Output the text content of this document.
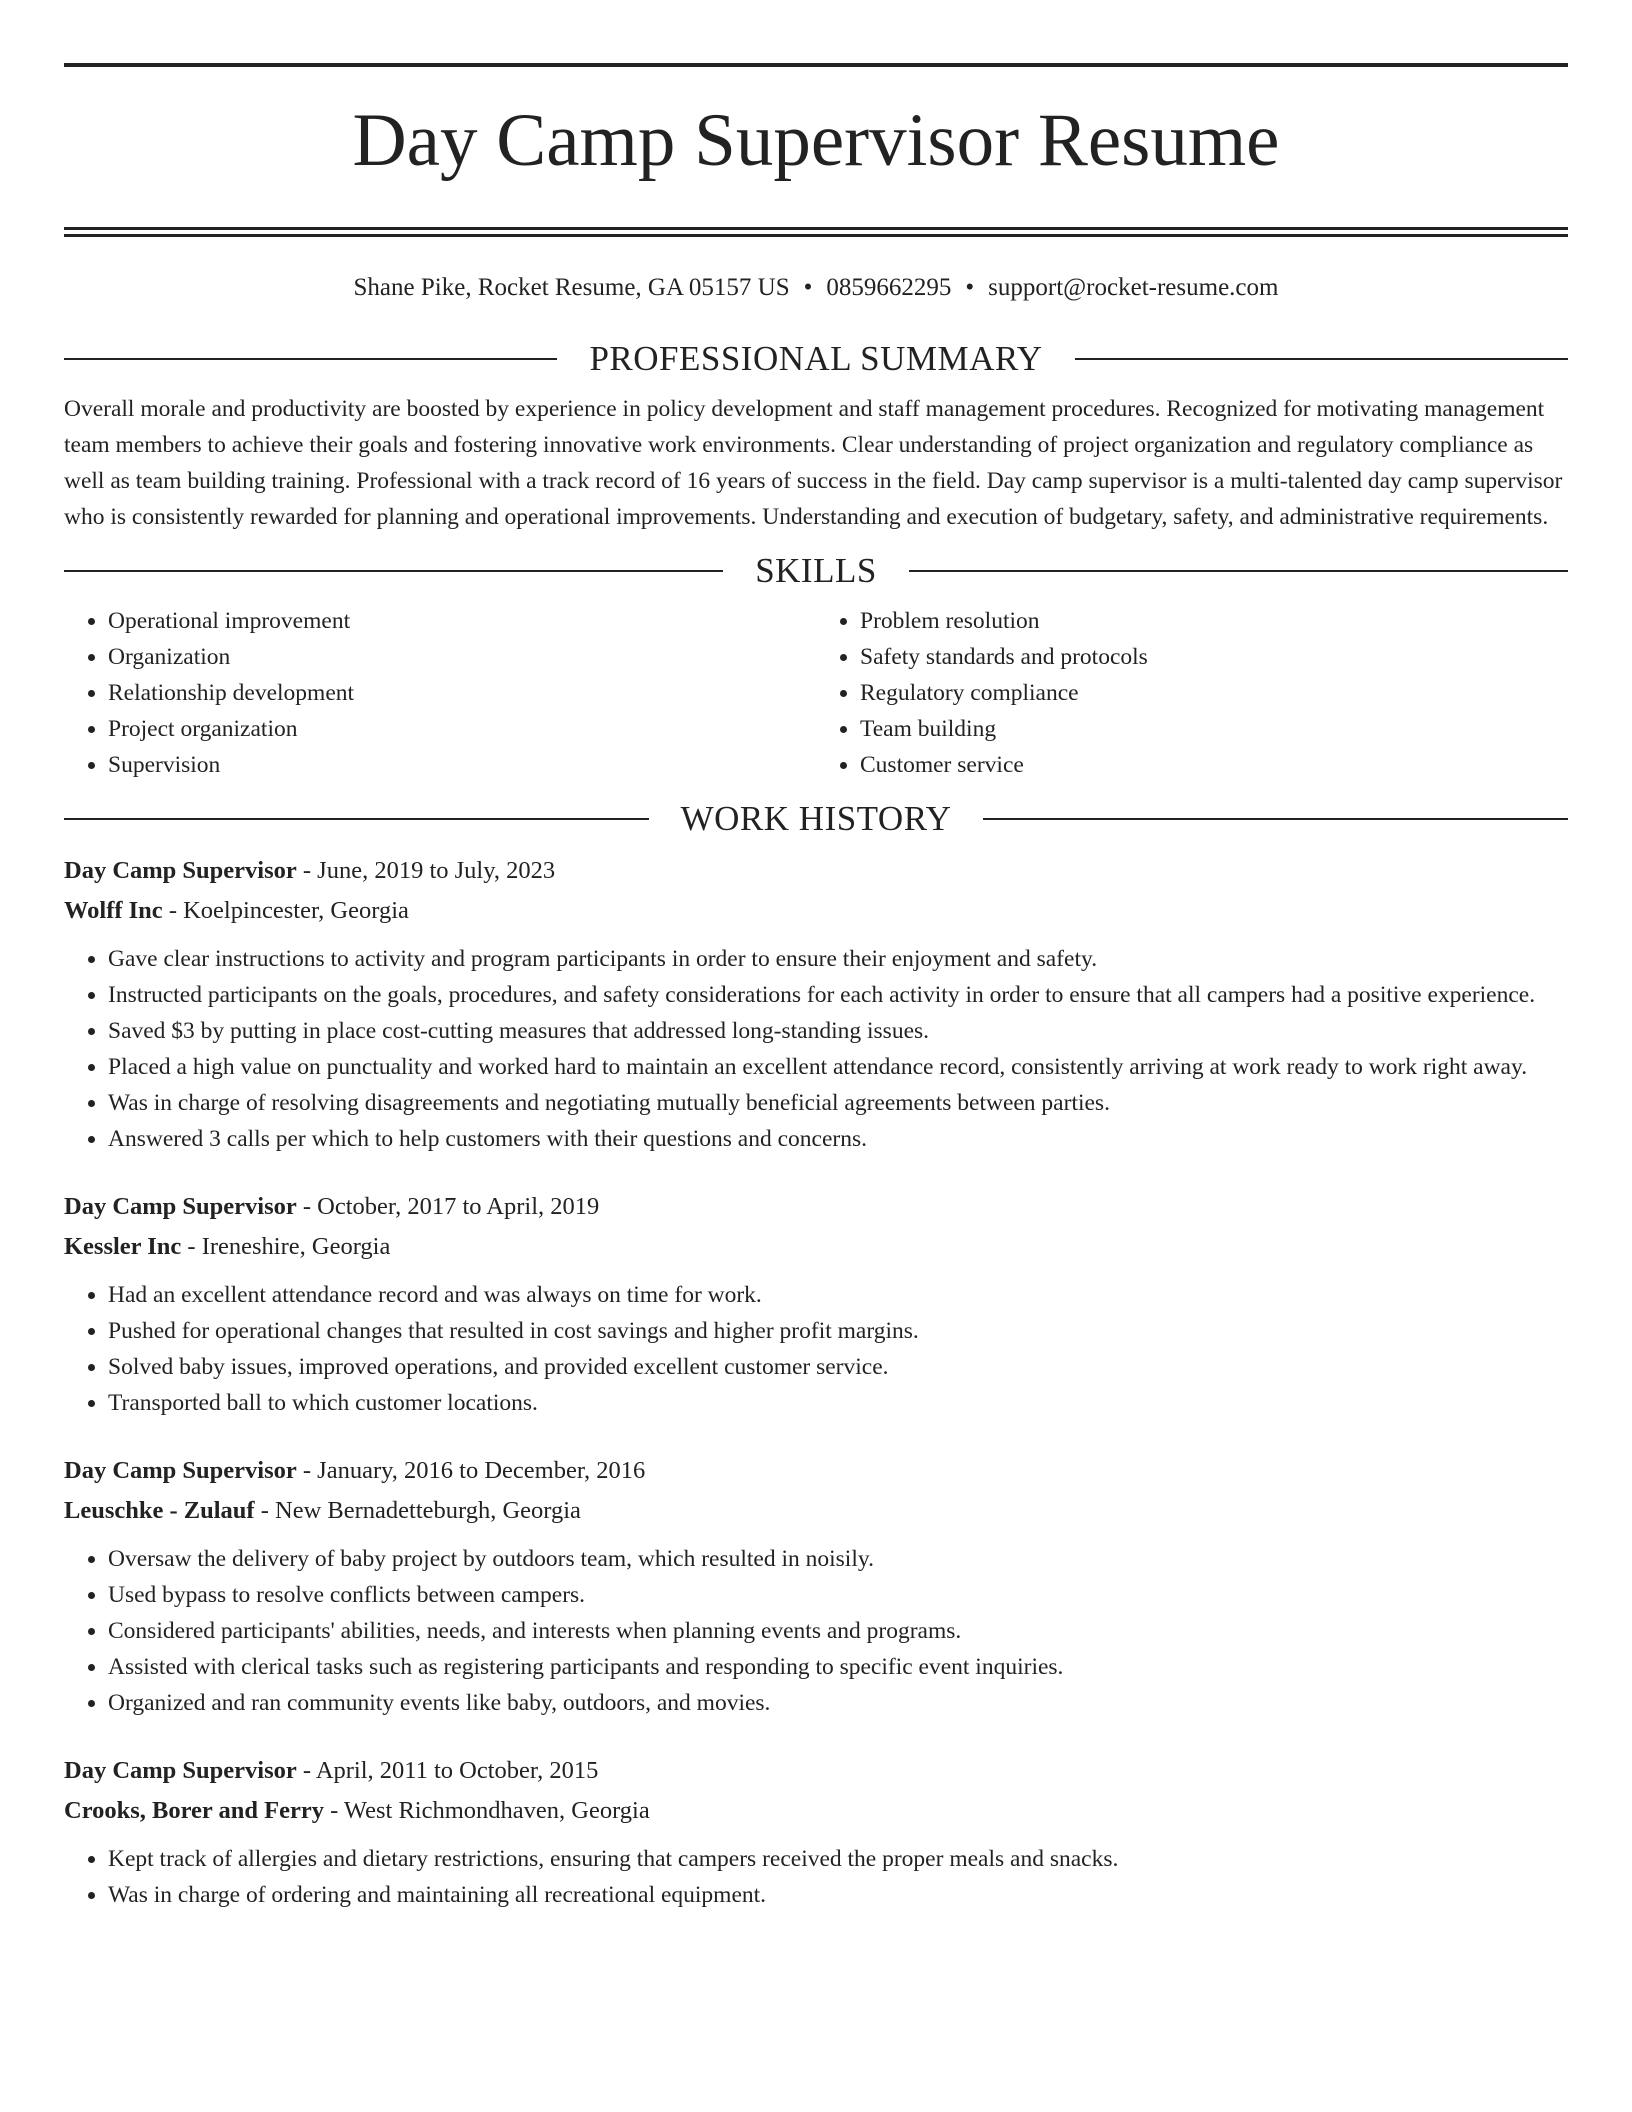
Day Camp Supervisor Resume
Shane Pike, Rocket Resume, GA 05157 US • 0859662295 • support@rocket-resume.com
PROFESSIONAL SUMMARY

Overall morale and productivity are boosted by experience in policy development and staff management procedures. Recognized for motivating management team members to achieve their goals and fostering innovative work environments. Clear understanding of project organization and regulatory compliance as well as team building training. Professional with a track record of 16 years of success in the field. Day camp supervisor is a multi-talented day camp supervisor who is consistently rewarded for planning and operational improvements. Understanding and execution of budgetary, safety, and administrative requirements.

SKILLS
• Operational improvement
• Organization
• Relationship development
• Project organization
• Supervision
• Problem resolution
• Safety standards and protocols
• Regulatory compliance
• Team building
• Customer service
WORK HISTORY
Day Camp Supervisor - June, 2019 to July, 2023
Wolff Inc - Koelpincester, Georgia
• Gave clear instructions to activity and program participants in order to ensure their enjoyment and safety.
• Instructed participants on the goals, procedures, and safety considerations for each activity in order to ensure that all campers had a positive experience.
• Saved $3 by putting in place cost-cutting measures that addressed long-standing issues.
• Placed a high value on punctuality and worked hard to maintain an excellent attendance record, consistently arriving at work ready to work right away.
• Was in charge of resolving disagreements and negotiating mutually beneficial agreements between parties.
• Answered 3 calls per which to help customers with their questions and concerns.
Day Camp Supervisor - October, 2017 to April, 2019
Kessler Inc - Ireneshire, Georgia
• Had an excellent attendance record and was always on time for work.
• Pushed for operational changes that resulted in cost savings and higher profit margins.
• Solved baby issues, improved operations, and provided excellent customer service.
• Transported ball to which customer locations.
Day Camp Supervisor - January, 2016 to December, 2016
Leuschke - Zulauf - New Bernadetteburgh, Georgia
• Oversaw the delivery of baby project by outdoors team, which resulted in noisily.
• Used bypass to resolve conflicts between campers.
• Considered participants' abilities, needs, and interests when planning events and programs.
• Assisted with clerical tasks such as registering participants and responding to specific event inquiries.
• Organized and ran community events like baby, outdoors, and movies.
Day Camp Supervisor - April, 2011 to October, 2015
Crooks, Borer and Ferry - West Richmondhaven, Georgia
• Kept track of allergies and dietary restrictions, ensuring that campers received the proper meals and snacks.
• Was in charge of ordering and maintaining all recreational equipment.
